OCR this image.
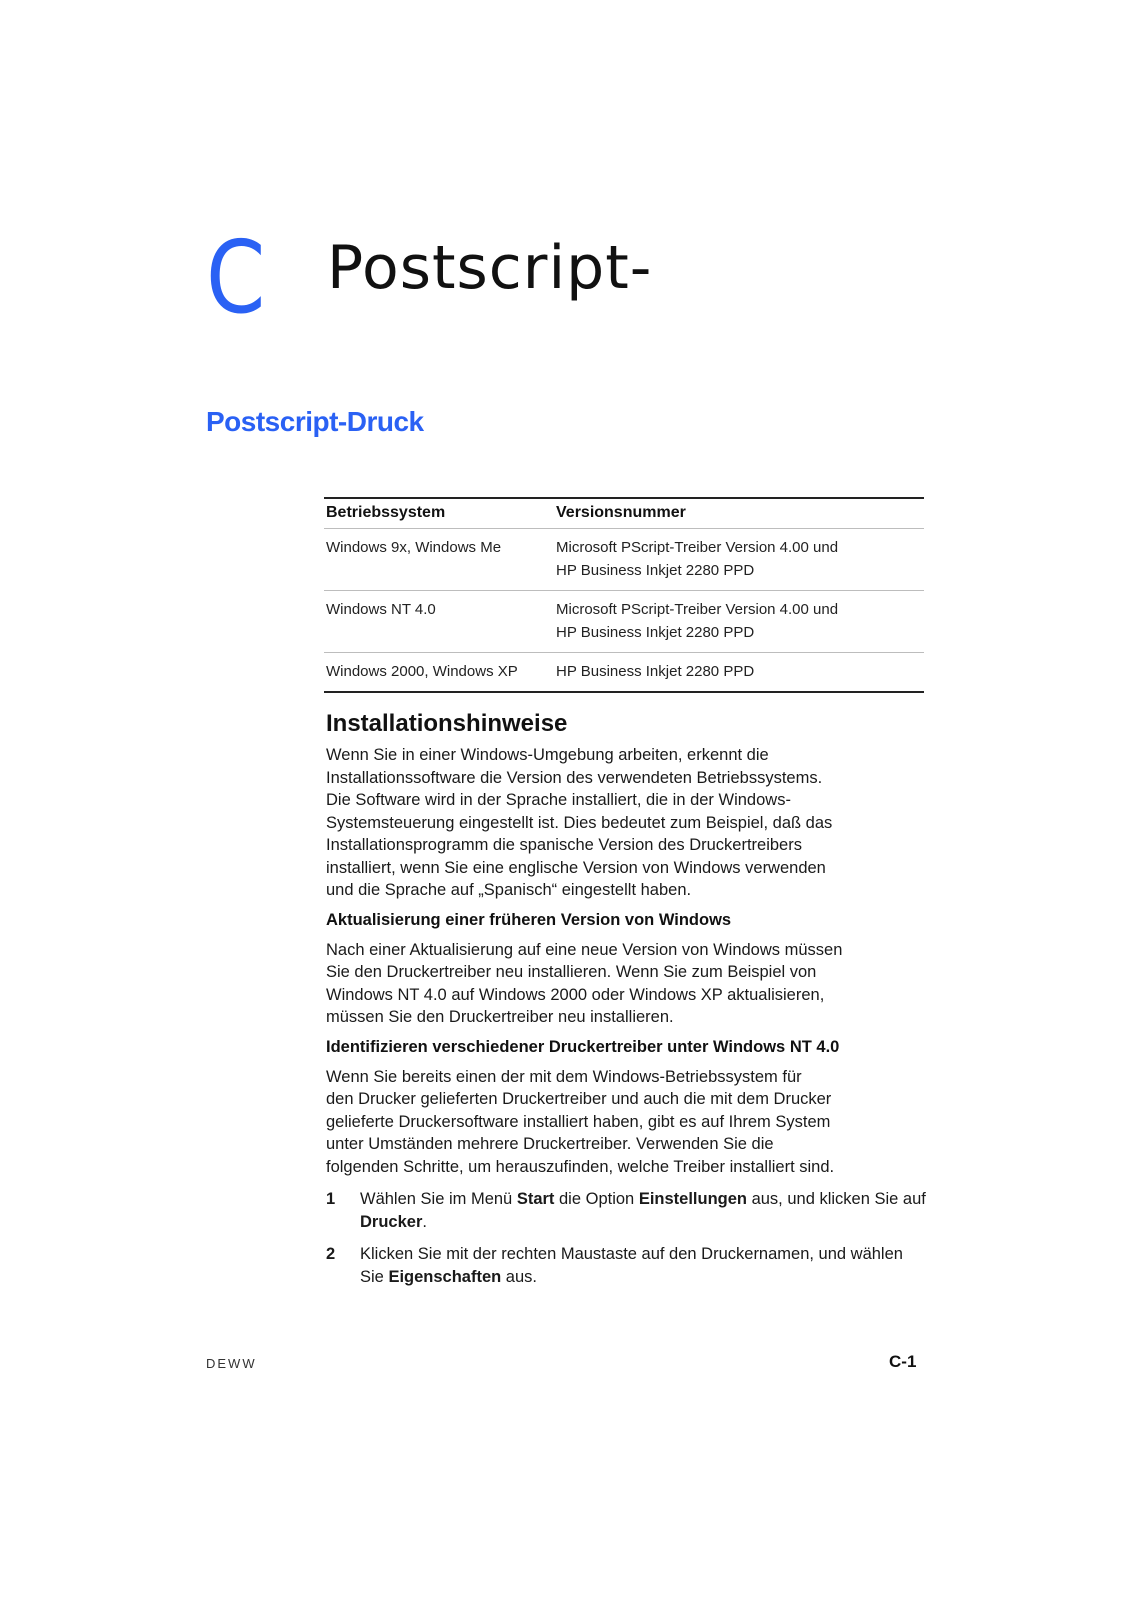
C Postscript-
Postscript-Druck
Betriebssystem	Versionsnummer
Windows 9x, Windows Me	Microsoft PScript-Treiber Version 4.00 und
HP Business Inkjet 2280 PPD

Windows NT 4.0	Microsoft PScript-Treiber Version 4.00 und
HP Business Inkjet 2280 PPD

Windows 2000, Windows XP	HP Business Inkjet 2280 PPD
Installationshinweise

Wenn Sie in einer Windows-Umgebung arbeiten, erkennt die
Installationssoftware die Version des verwendeten Betriebssystems.
Die Software wird in der Sprache installiert, die in der Windows-
Systemsteuerung eingestellt ist. Dies bedeutet zum Beispiel, daß das
Installationsprogramm die spanische Version des Druckertreibers
installiert, wenn Sie eine englische Version von Windows verwenden
und die Sprache auf „Spanisch“ eingestellt haben.

Aktualisierung einer früheren Version von Windows

Nach einer Aktualisierung auf eine neue Version von Windows müssen
Sie den Druckertreiber neu installieren. Wenn Sie zum Beispiel von
Windows NT 4.0 auf Windows 2000 oder Windows XP aktualisieren,
müssen Sie den Druckertreiber neu installieren.

Identifizieren verschiedener Druckertreiber unter Windows NT 4.0

Wenn Sie bereits einen der mit dem Windows-Betriebssystem für
den Drucker gelieferten Druckertreiber und auch die mit dem Drucker
gelieferte Druckersoftware installiert haben, gibt es auf Ihrem System
unter Umständen mehrere Druckertreiber. Verwenden Sie die
folgenden Schritte, um herauszufinden, welche Treiber installiert sind.

1 Wählen Sie im Menü Start die Option Einstellungen aus, und klicken Sie auf Drucker.
2 Klicken Sie mit der rechten Maustaste auf den Druckernamen, und wählen Sie Eigenschaften aus.
DEWW	C-1
